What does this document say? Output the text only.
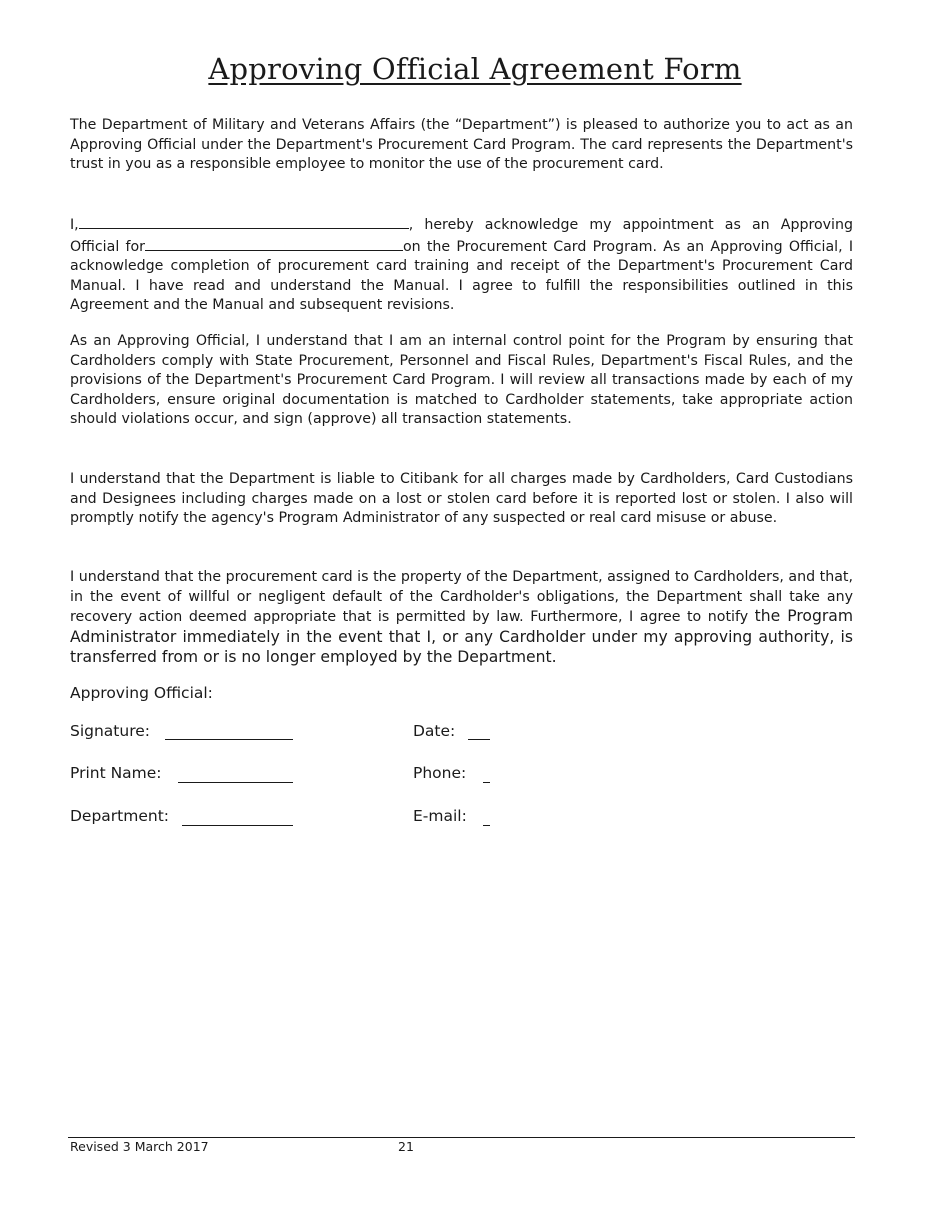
Approving Official Agreement Form

The Department of Military and Veterans Affairs (the “Department”) is pleased to authorize you to act as an Approving Official under the Department's Procurement Card Program. The card represents the Department's trust in you as a responsible employee to monitor the use of the procurement card.

I,	, hereby acknowledge my appointment as an Approving Official for	on the Procurement Card Program. As an Approving Official, I acknowledge completion of procurement card training and receipt of the Department's Procurement Card Manual. I have read and understand the Manual. I agree to fulfill the responsibilities outlined in this Agreement and the Manual and subsequent revisions.

As an Approving Official, I understand that I am an internal control point for the Program by ensuring that Cardholders comply with State Procurement, Personnel and Fiscal Rules, Department's Fiscal Rules, and the provisions of the Department's Procurement Card Program. I will review all transactions made by each of my Cardholders, ensure original documentation is matched to Cardholder statements, take appropriate action should violations occur, and sign (approve) all transaction statements.

I understand that the Department is liable to Citibank for all charges made by Cardholders, Card Custodians and Designees including charges made on a lost or stolen card before it is reported lost or stolen. I also will promptly notify the agency's Program Administrator of any suspected or real card misuse or abuse.

I understand that the procurement card is the property of the Department, assigned to Cardholders, and that, in the event of willful or negligent default of the Cardholder's obligations, the Department shall take any recovery action deemed appropriate that is permitted by law. Furthermore, I agree to notify the Program Administrator immediately in the event that I, or any Cardholder under my approving authority, is transferred from or is no longer employed by the Department.

Approving Official:
Signature:	Date:
Print Name:	Phone:
Department:	E-mail:
Revised 3 March 2017	21
